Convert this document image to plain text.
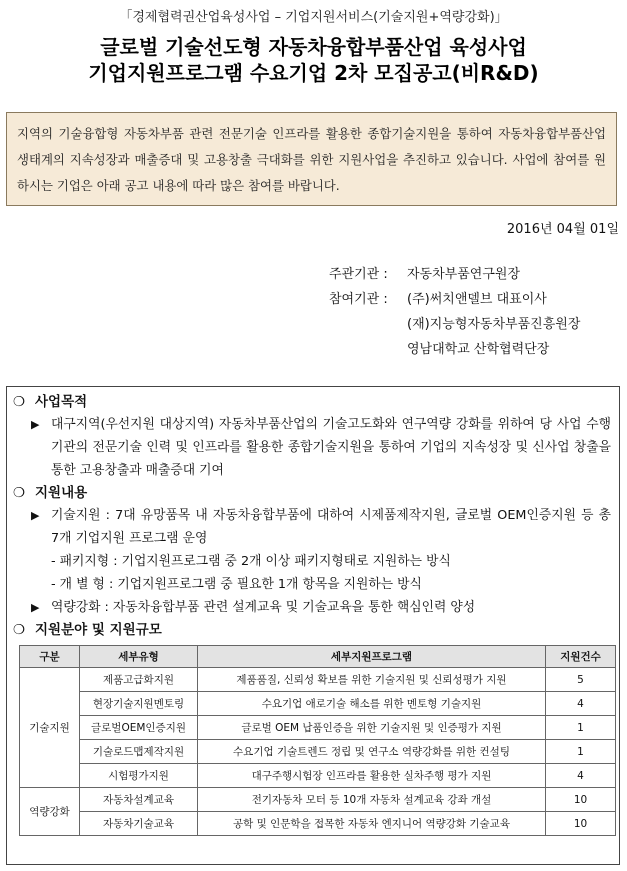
「경제협력권산업육성사업 – 기업지원서비스(기술지원+역량강화)」
글로벌 기술선도형 자동차융합부품산업 육성사업
기업지원프로그램 수요기업 2차 모집공고(비R&D)
지역의 기술융합형 자동차부품 관련 전문기술 인프라를 활용한 종합기술지원을 통하여 자동차융합부품산업 생태계의 지속성장과 매출증대 및 고용창출 극대화를 위한 지원사업을 추진하고 있습니다. 사업에 참여를 원하시는 기업은 아래 공고 내용에 따라 많은 참여를 바랍니다.
2016년 04월 01일
주관기관 : 자동차부품연구원장
참여기관 : (주)써치앤델브 대표이사
(재)지능형자동차부품진흥원장
영남대학교 산학협력단장
❍ 사업목적
▶ 대구지역(우선지원 대상지역) 자동차부품산업의 기술고도화와 연구역량 강화를 위하여 당 사업 수행기관의 전문기술 인력 및 인프라를 활용한 종합기술지원을 통하여 기업의 지속성장 및 신사업 창출을 통한 고용창출과 매출증대 기여
❍ 지원내용
▶ 기술지원 : 7대 유망품목 내 자동차융합부품에 대하여 시제품제작지원, 글로벌 OEM인증지원 등 총 7개 기업지원 프로그램 운영
- 패키지형 : 기업지원프로그램 중 2개 이상 패키지형태로 지원하는 방식
- 개 별 형 : 기업지원프로그램 중 필요한 1개 항목을 지원하는 방식
▶ 역량강화 : 자동차융합부품 관련 설계교육 및 기술교육을 통한 핵심인력 양성
❍ 지원분야 및 지원규모
구분	세부유형	세부지원프로그램	지원건수
기술지원	제품고급화지원	제품품질, 신뢰성 확보를 위한 기술지원 및 신뢰성평가 지원	5
	현장기술지원멘토링	수요기업 애로기술 해소를 위한 멘토형 기술지원	4
	글로벌OEM인증지원	글로벌 OEM 납품인증을 위한 기술지원 및 인증평가 지원	1
	기술로드맵제작지원	수요기업 기술트렌드 정립 및 연구소 역량강화를 위한 컨설팅	1
	시험평가지원	대구주행시험장 인프라를 활용한 실차주행 평가 지원	4
역량강화	자동차설계교육	전기자동차 모터 등 10개 자동차 설계교육 강좌 개설	10
	자동차기술교육	공학 및 인문학을 접목한 자동차 엔지니어 역량강화 기술교육	10
